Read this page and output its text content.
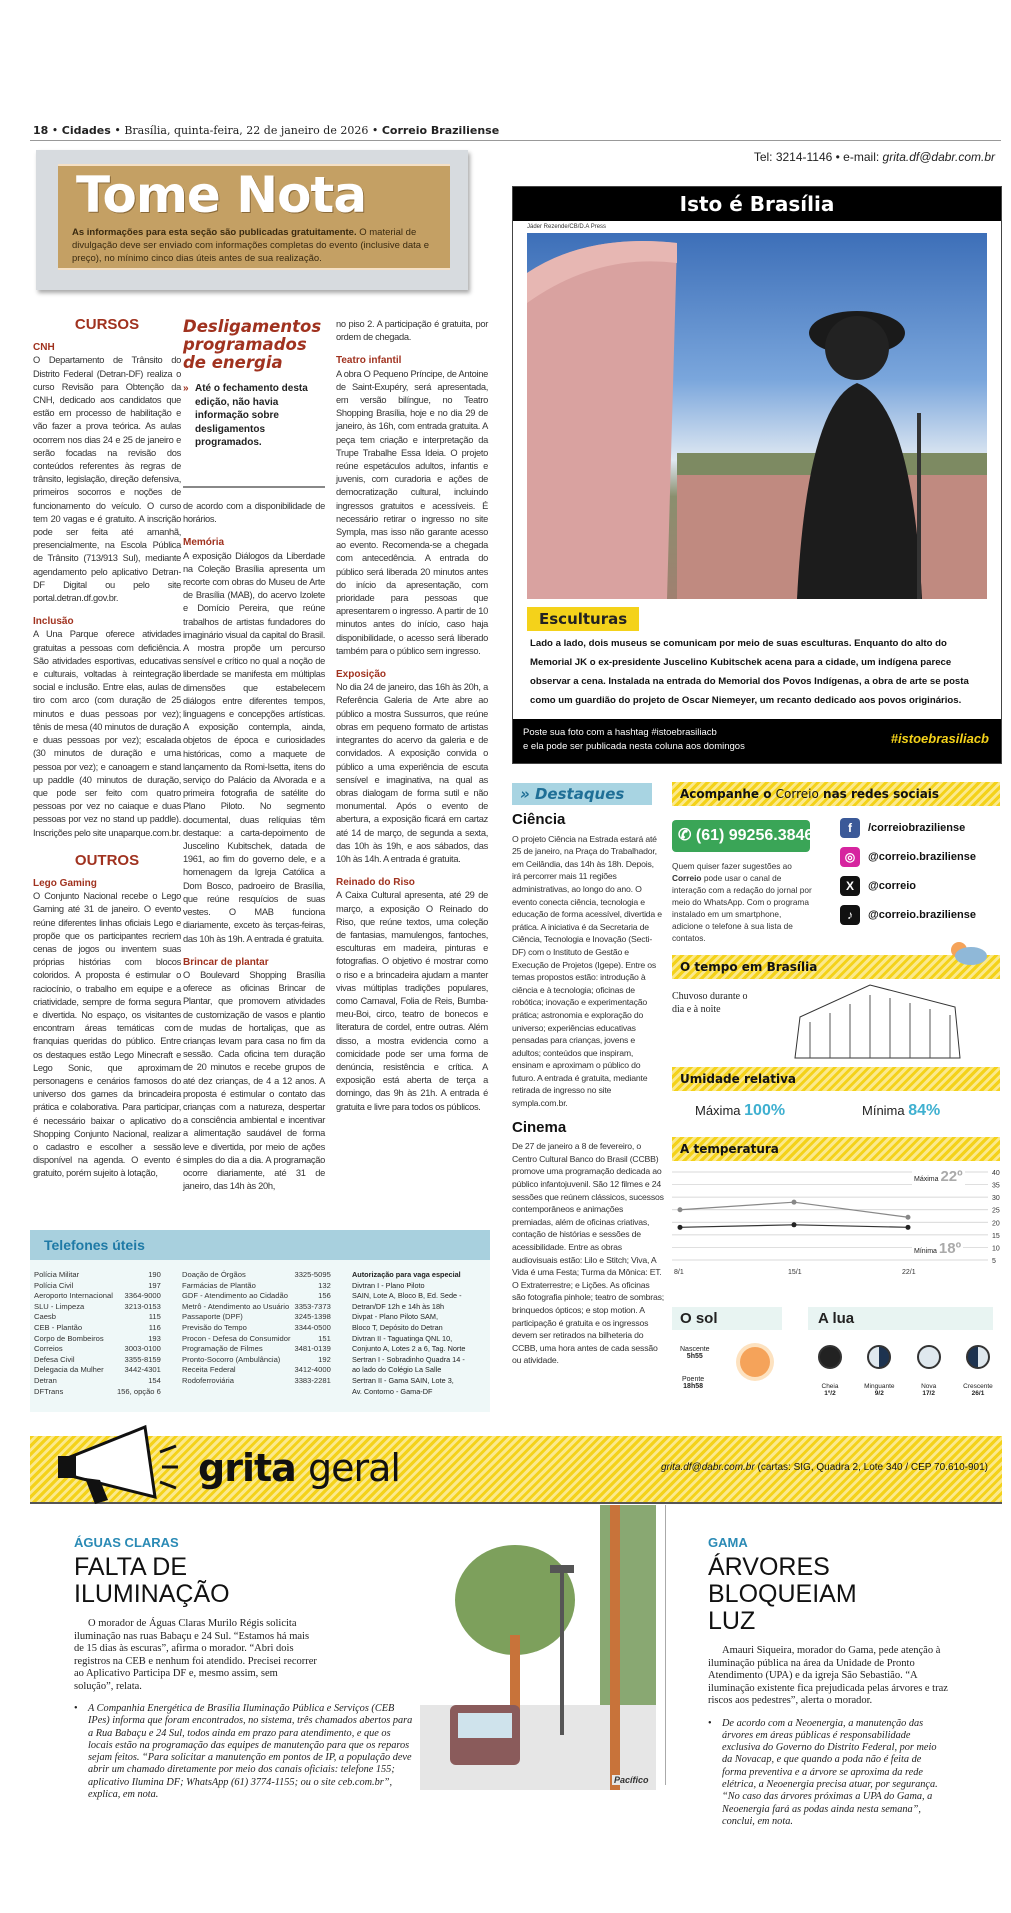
18 • Cidades • Brasília, quinta-feira, 22 de janeiro de 2026 • Correio Braziliense
Tel: 3214-1146 • e-mail: grita.df@dabr.com.br
Tome Nota

As informações para esta seção são publicadas gratuitamente. O material de divulgação deve ser enviado com informações completas do evento (inclusive data e preço), no mínimo cinco dias úteis antes de sua realização.

CURSOS
CNH

O Departamento de Trânsito do Distrito Federal (Detran-DF) realiza o curso Revisão para Obtenção da CNH, dedicado aos candidatos que estão em processo de habilitação e vão fazer a prova teórica. As aulas ocorrem nos dias 24 e 25 de janeiro e serão focadas na revisão dos conteúdos referentes às regras de trânsito, legislação, direção defensiva, primeiros socorros e noções de funcionamento do veículo. O curso tem 20 vagas e é gratuito. A inscrição pode ser feita até amanhã, presencialmente, na Escola Pública de Trânsito (713/913 Sul), mediante agendamento pelo aplicativo Detran-DF Digital ou pelo site portal.detran.df.gov.br.

Inclusão

A Una Parque oferece atividades gratuitas a pessoas com deficiência. São atividades esportivas, educativas e culturais, voltadas à reintegração social e inclusão. Entre elas, aulas de tiro com arco (com duração de 25 minutos e duas pessoas por vez); tênis de mesa (40 minutos de duração e duas pessoas por vez); escalada (30 minutos de duração e uma pessoa por vez); e canoagem e stand up paddle (40 minutos de duração, que pode ser feito com quatro pessoas por vez no caiaque e duas pessoas por vez no stand up paddle). Inscrições pelo site unaparque.com.br.

OUTROS
Lego Gaming

O Conjunto Nacional recebe o Lego Gaming até 31 de janeiro. O evento reúne diferentes linhas oficiais Lego e propõe que os participantes recriem cenas de jogos ou inventem suas próprias histórias com blocos coloridos. A proposta é estimular o raciocínio, o trabalho em equipe e a criatividade, sempre de forma segura e divertida. No espaço, os visitantes encontram áreas temáticas com franquias queridas do público. Entre os destaques estão Lego Minecraft e Lego Sonic, que aproximam personagens e cenários famosos do universo dos games da brincadeira prática e colaborativa. Para participar, é necessário baixar o aplicativo do Shopping Conjunto Nacional, realizar o cadastro e escolher a sessão disponível na agenda. O evento é gratuito, porém sujeito à lotação,

Desligamentos programados de energia

» Até o fechamento desta edição, não havia informação sobre desligamentos programados.

de acordo com a disponibilidade de horários.

Memória

A exposição Diálogos da Liberdade na Coleção Brasília apresenta um recorte com obras do Museu de Arte de Brasília (MAB), do acervo Izolete e Domício Pereira, que reúne trabalhos de artistas fundadores do imaginário visual da capital do Brasil. A mostra propõe um percurso sensível e crítico no qual a noção de liberdade se manifesta em múltiplas dimensões que estabelecem diálogos entre diferentes tempos, linguagens e concepções artísticas. A exposição contempla, ainda, objetos de época e curiosidades históricas, como a maquete de lançamento da Romi-Isetta, itens do serviço do Palácio da Alvorada e a primeira fotografia de satélite do Plano Piloto. No segmento documental, duas relíquias têm destaque: a carta-depoimento de Juscelino Kubitschek, datada de 1961, ao fim do governo dele, e a homenagem da Igreja Católica a Dom Bosco, padroeiro de Brasília, que reúne resquícios de suas vestes. O MAB funciona diariamente, exceto às terças-feiras, das 10h às 19h. A entrada é gratuita.

Brincar de plantar

O Boulevard Shopping Brasília oferece as oficinas Brincar de Plantar, que promovem atividades de customização de vasos e plantio de mudas de hortaliças, que as crianças levam para casa no fim da sessão. Cada oficina tem duração de 20 minutos e recebe grupos de até dez crianças, de 4 a 12 anos. A proposta é estimular o contato das crianças com a natureza, despertar a consciência ambiental e incentivar a alimentação saudável de forma leve e divertida, por meio de ações simples do dia a dia. A programação ocorre diariamente, até 31 de janeiro, das 14h às 20h,

no piso 2. A participação é gratuita, por ordem de chegada.

Teatro infantil

A obra O Pequeno Príncipe, de Antoine de Saint-Exupéry, será apresentada, em versão bilíngue, no Teatro Shopping Brasília, hoje e no dia 29 de janeiro, às 16h, com entrada gratuita. A peça tem criação e interpretação da Trupe Trabalhe Essa Ideia. O projeto reúne espetáculos adultos, infantis e juvenis, com curadoria e ações de democratização cultural, incluindo ingressos gratuitos e acessíveis. É necessário retirar o ingresso no site Sympla, mas isso não garante acesso ao evento. Recomenda-se a chegada com antecedência. A entrada do público será liberada 20 minutos antes do início da apresentação, com prioridade para pessoas que apresentarem o ingresso. A partir de 10 minutos antes do início, caso haja disponibilidade, o acesso será liberado também para o público sem ingresso.

Exposição

No dia 24 de janeiro, das 16h às 20h, a Referência Galeria de Arte abre ao público a mostra Sussurros, que reúne obras em pequeno formato de artistas integrantes do acervo da galeria e de convidados. A exposição convida o público a uma experiência de escuta sensível e imaginativa, na qual as obras dialogam de forma sutil e não monumental. Após o evento de abertura, a exposição ficará em cartaz até 14 de março, de segunda a sexta, das 10h às 19h, e aos sábados, das 10h às 14h. A entrada é gratuita.

Reinado do Riso

A Caixa Cultural apresenta, até 29 de março, a exposição O Reinado do Riso, que reúne textos, uma coleção de fantasias, mamulengos, fantoches, esculturas em madeira, pinturas e fotografias. O objetivo é mostrar como o riso e a brincadeira ajudam a manter vivas múltiplas tradições populares, como Carnaval, Folia de Reis, Bumba-meu-Boi, circo, teatro de bonecos e literatura de cordel, entre outras. Além disso, a mostra evidencia como a comicidade pode ser uma forma de denúncia, resistência e crítica. A exposição está aberta de terça a domingo, das 9h às 21h. A entrada é gratuita e livre para todos os públicos.

Isto é Brasília
Jáder Rezende/CB/D.A Press
Esculturas
Lado a lado, dois museus se comunicam por meio de suas esculturas. Enquanto do alto do Memorial JK o ex-presidente Juscelino Kubitschek acena para a cidade, um indígena parece observar a cena. Instalada na entrada do Memorial dos Povos Indígenas, a obra de arte se posta como um guardião do projeto de Oscar Niemeyer, um recanto dedicado aos povos originários.
Poste sua foto com a hashtag #istoebrasiliacb
e ela pode ser publicada nesta coluna aos domingos
#istoebrasiliacb
» Destaques
Ciência

O projeto Ciência na Estrada estará até 25 de janeiro, na Praça do Trabalhador, em Ceilândia, das 14h às 18h. Depois, irá percorrer mais 11 regiões administrativas, ao longo do ano. O evento conecta ciência, tecnologia e educação de forma acessível, divertida e prática. A iniciativa é da Secretaria de Ciência, Tecnologia e Inovação (Secti-DF) com o Instituto de Gestão e Execução de Projetos (Igepe). Entre os temas propostos estão: introdução à ciência e à tecnologia; oficinas de robótica; inovação e experimentação prática; astronomia e exploração do universo; experiências educativas pensadas para crianças, jovens e adultos; conteúdos que inspiram, ensinam e aproximam o público do futuro. A entrada é gratuita, mediante retirada de ingresso no site sympla.com.br.

Cinema

De 27 de janeiro a 8 de fevereiro, o Centro Cultural Banco do Brasil (CCBB) promove uma programação dedicada ao público infantojuvenil. São 12 filmes e 24 sessões que reúnem clássicos, sucessos contemporâneos e animações premiadas, além de oficinas criativas, contação de histórias e sessões de acessibilidade. Entre as obras audiovisuais estão: Lilo e Stitch; Viva, A Vida é uma Festa; Turma da Mônica: ET. O Extraterrestre; e Lições. As oficinas são fotografia pinhole; teatro de sombras; brinquedos ópticos; e stop motion. A participação é gratuita e os ingressos devem ser retirados na bilheteria do CCBB, uma hora antes de cada sessão ou atividade.

Acompanhe o Correio nas redes sociais
✆ (61) 99256.3846
Quem quiser fazer sugestões ao Correio pode usar o canal de interação com a redação do jornal por meio do WhatsApp. Com o programa instalado em um smartphone, adicione o telefone à sua lista de contatos.
f	/correiobraziliense
◎	@correio.braziliense
X	@correio
♪	@correio.braziliense
O tempo em Brasília
Chuvoso durante o dia e à noite
Umidade relativa
Máxima 100%	Mínima 84%
A temperatura
40
35
30
25
20
15
10
5
8/1	15/1	22/1
Máxima 22º
Mínima 18º
O sol
Nascente
5h55
Poente
18h58
A lua
Cheia
1º/2
Minguante
9/2
Nova
17/2
Crescente
26/1
Telefones úteis
Polícia Militar	190
Polícia Civil	197
Aeroporto Internacional	3364-9000
SLU - Limpeza	3213-0153
Caesb	115
CEB - Plantão	116
Corpo de Bombeiros	193
Correios	3003-0100
Defesa Civil	3355-8159
Delegacia da Mulher	3442-4301
Detran	154
DFTrans	156, opção 6
Doação de Órgãos	3325-5095
Farmácias de Plantão	132
GDF - Atendimento ao Cidadão	156
Metrô - Atendimento ao Usuário	3353-7373
Passaporte (DPF)	3245-1398
Previsão do Tempo	3344-0500
Procon - Defesa do Consumidor	151
Programação de Filmes	3481-0139
Pronto-Socorro (Ambulância)	192
Receita Federal	3412-4000
Rodoferroviária	3383-2281
Autorização para vaga especial
Divtran I - Plano Piloto
SAIN, Lote A, Bloco B, Ed. Sede -
Detran/DF 12h e 14h às 18h
Divpat - Plano Piloto SAM,
Bloco T, Depósito do Detran
Divtran II - Taguatinga QNL 10,
Conjunto A, Lotes 2 a 6, Tag. Norte
Sertran I - Sobradinho Quadra 14 -
ao lado do Colégio La Salle
Sertran II - Gama SAIN, Lote 3,
Av. Contorno - Gama-DF
grita geral	grita.df@dabr.com.br (cartas: SIG, Quadra 2, Lote 340 / CEP 70.610-901)
ÁGUAS CLARAS
FALTA DE ILUMINAÇÃO

O morador de Águas Claras Murilo Régis solicita iluminação nas ruas Babaçu e 24 Sul. “Estamos há mais de 15 dias às escuras”, afirma o morador. “Abri dois registros na CEB e nenhum foi atendido. Precisei recorrer ao Aplicativo Participa DF e, mesmo assim, sem solução”, relata.

• A Companhia Energética de Brasília Iluminação Pública e Serviços (CEB IPes) informa que foram encontrados, no sistema, três chamados abertos para a Rua Babaçu e 24 Sul, todos ainda em prazo para atendimento, e que os locais estão na programação das equipes de manutenção para que os reparos sejam feitos. “Para solicitar a manutenção em pontos de IP, a população deve abrir um chamado diretamente por meio dos canais oficiais: telefone 155; aplicativo Ilumina DF; WhatsApp (61) 3774-1155; ou o site ceb.com.br”, explica, em nota.

Pacífico
GAMA
ÁRVORES BLOQUEIAM LUZ

Amauri Siqueira, morador do Gama, pede atenção à iluminação pública na área da Unidade de Pronto Atendimento (UPA) e da igreja São Sebastião. “A iluminação existente fica prejudicada pelas árvores e traz riscos aos pedestres”, alerta o morador.

• De acordo com a Neoenergia, a manutenção das árvores em áreas públicas é responsabilidade exclusiva do Governo do Distrito Federal, por meio da Novacap, e que quando a poda não é feita de forma preventiva e a árvore se aproxima da rede elétrica, a Neoenergia precisa atuar, por segurança. “No caso das árvores próximas a UPA do Gama, a Neoenergia fará as podas ainda nesta semana”, conclui, em nota.
